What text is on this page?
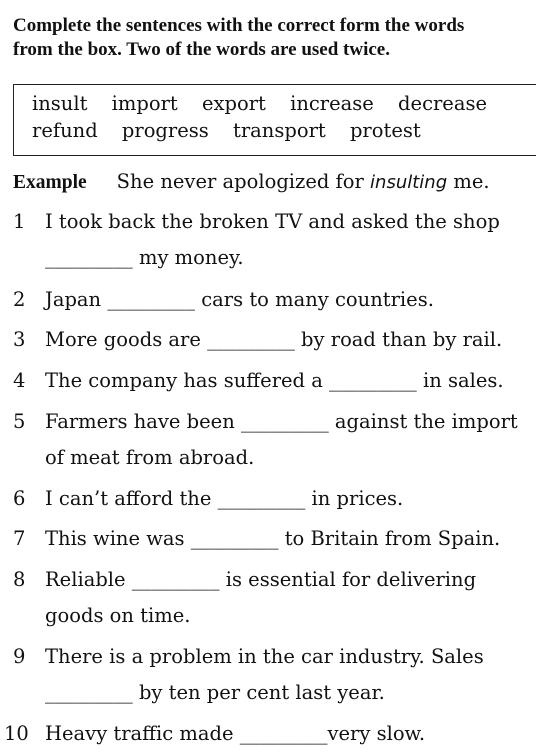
Complete the sentences with the correct form the words
from the box. Two of the words are used twice.
insult import export increase decrease
refund progress transport protest
Example She never apologized for insulting me.
1 I took back the broken TV and asked the shop
_________ my money.
2 Japan _________ cars to many countries.
3 More goods are _________ by road than by rail.
4 The company has suffered a _________ in sales.
5 Farmers have been _________ against the import
of meat from abroad.
6 I can’t afford the _________ in prices.
7 This wine was _________ to Britain from Spain.
8 Reliable _________ is essential for delivering
goods on time.
9 There is a problem in the car industry. Sales
_________ by ten per cent last year.
10 Heavy traffic made _________very slow.
